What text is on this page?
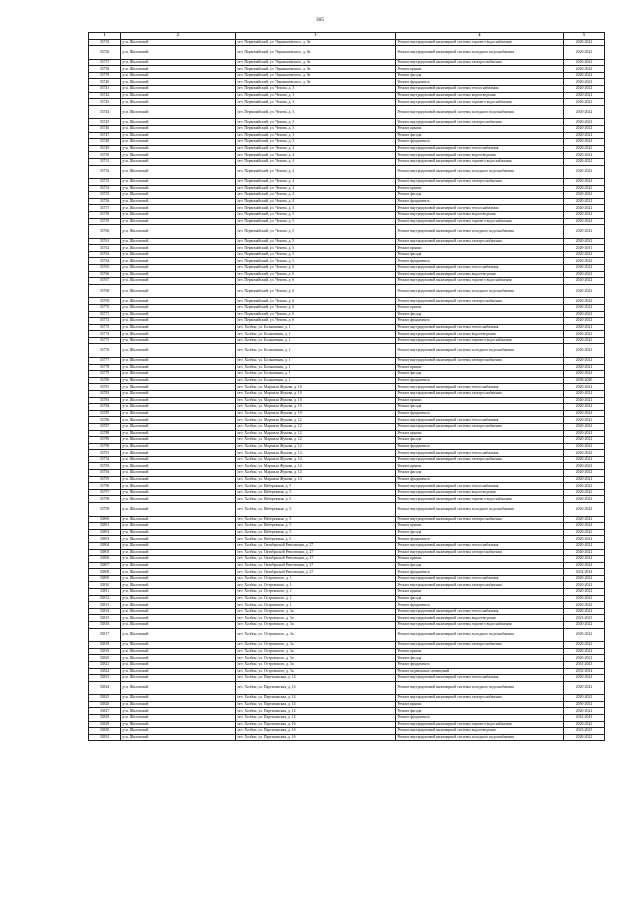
305
1	2	3	4	5
33735	р-н. Шкловский	пгт. Первомайский, ул. Чернышевского, д. 9а	Ремонт внутридомовой инженерной системы горячего водоснабжения	2020-2022
33736	р-н. Шкловский	пгт. Первомайский, ул. Чернышевского, д. 9а	Ремонт внутридомовой инженерной системы холодного водоснабжения	2020-2022
33737	р-н. Шкловский	пгт. Первомайский, ул. Чернышевского, д. 9а	Ремонт внутридомовой инженерной системы электроснабжения	2020-2022
33738	р-н. Шкловский	пгт. Первомайский, ул. Чернышевского, д. 9а	Ремонт крыши	2020-2022
33739	р-н. Шкловский	пгт. Первомайский, ул. Чернышевского, д. 9а	Ремонт фасада	2020-2022
33740	р-н. Шкловский	пгт. Первомайский, ул. Чернышевского, д. 9а	Ремонт фундамента	2020-2022
33741	р-н. Шкловский	пгт. Первомайский, ул. Чехова, д. 3	Ремонт внутридомовой инженерной системы теплоснабжения	2020-2022
33742	р-н. Шкловский	пгт. Первомайский, ул. Чехова, д. 3	Ремонт внутридомовой инженерной системы водоотведения	2020-2022
33743	р-н. Шкловский	пгт. Первомайский, ул. Чехова, д. 3	Ремонт внутридомовой инженерной системы горячего водоснабжения	2020-2022
33744	р-н. Шкловский	пгт. Первомайский, ул. Чехова, д. 3	Ремонт внутридомовой инженерной системы холодного водоснабжения	2020-2022
33745	р-н. Шкловский	пгт. Первомайский, ул. Чехова, д. 3	Ремонт внутридомовой инженерной системы электроснабжения	2020-2022
33746	р-н. Шкловский	пгт. Первомайский, ул. Чехова, д. 3	Ремонт крыши	2020-2022
33747	р-н. Шкловский	пгт. Первомайский, ул. Чехова, д. 3	Ремонт фасада	2020-2022
33748	р-н. Шкловский	пгт. Первомайский, ул. Чехова, д. 3	Ремонт фундамента	2020-2022
33749	р-н. Шкловский	пгт. Первомайский, ул. Чехова, д. 4	Ремонт внутридомовой инженерной системы теплоснабжения	2020-2022
33750	р-н. Шкловский	пгт. Первомайский, ул. Чехова, д. 4	Ремонт внутридомовой инженерной системы водоотведения	2020-2022
33751	р-н. Шкловский	пгт. Первомайский, ул. Чехова, д. 4	Ремонт внутридомовой инженерной системы горячего водоснабжения	2020-2022
33752	р-н. Шкловский	пгт. Первомайский, ул. Чехова, д. 4	Ремонт внутридомовой инженерной системы холодного водоснабжения	2020-2022
33753	р-н. Шкловский	пгт. Первомайский, ул. Чехова, д. 4	Ремонт внутридомовой инженерной системы электроснабжения	2020-2022
33754	р-н. Шкловский	пгт. Первомайский, ул. Чехова, д. 4	Ремонт крыши	2020-2022
33755	р-н. Шкловский	пгт. Первомайский, ул. Чехова, д. 4	Ремонт фасада	2020-2022
33756	р-н. Шкловский	пгт. Первомайский, ул. Чехова, д. 4	Ремонт фундамента	2020-2022
33757	р-н. Шкловский	пгт. Первомайский, ул. Чехова, д. 5	Ремонт внутридомовой инженерной системы теплоснабжения	2020-2022
33758	р-н. Шкловский	пгт. Первомайский, ул. Чехова, д. 5	Ремонт внутридомовой инженерной системы водоотведения	2020-2022
33759	р-н. Шкловский	пгт. Первомайский, ул. Чехова, д. 5	Ремонт внутридомовой инженерной системы горячего водоснабжения	2020-2022
33760	р-н. Шкловский	пгт. Первомайский, ул. Чехова, д. 5	Ремонт внутридомовой инженерной системы холодного водоснабжения	2020-2022
33761	р-н. Шкловский	пгт. Первомайский, ул. Чехова, д. 5	Ремонт внутридомовой инженерной системы электроснабжения	2020-2022
33762	р-н. Шкловский	пгт. Первомайский, ул. Чехова, д. 5	Ремонт крыши	2029-2031
33763	р-н. Шкловский	пгт. Первомайский, ул. Чехова, д. 5	Ремонт фасада	2020-2022
33764	р-н. Шкловский	пгт. Первомайский, ул. Чехова, д. 5	Ремонт фундамента	2020-2022
33765	р-н. Шкловский	пгт. Первомайский, ул. Чехова, д. 6	Ремонт внутридомовой инженерной системы теплоснабжения	2020-2022
33766	р-н. Шкловский	пгт. Первомайский, ул. Чехова, д. 6	Ремонт внутридомовой инженерной системы водоотведения	2020-2022
33767	р-н. Шкловский	пгт. Первомайский, ул. Чехова, д. 6	Ремонт внутридомовой инженерной системы горячего водоснабжения	2020-2022
33768	р-н. Шкловский	пгт. Первомайский, ул. Чехова, д. 6	Ремонт внутридомовой инженерной системы холодного водоснабжения	2020-2022
33769	р-н. Шкловский	пгт. Первомайский, ул. Чехова, д. 6	Ремонт внутридомовой инженерной системы электроснабжения	2020-2022
33770	р-н. Шкловский	пгт. Первомайский, ул. Чехова, д. 6	Ремонт крыши	2020-2022
33771	р-н. Шкловский	пгт. Первомайский, ул. Чехова, д. 6	Ремонт фасада	2020-2022
33772	р-н. Шкловский	пгт. Первомайский, ул. Чехова, д. 6	Ремонт фундамента	2020-2022
33773	р-н. Шкловский	пгт. Холбон, ул. Больничная, д. 1	Ремонт внутридомовой инженерной системы теплоснабжения	2020-2022
33774	р-н. Шкловский	пгт. Холбон, ул. Больничная, д. 1	Ремонт внутридомовой инженерной системы водоотведения	2020-2022
33775	р-н. Шкловский	пгт. Холбон, ул. Больничная, д. 1	Ремонт внутридомовой инженерной системы горячего водоснабжения	2020-2022
33776	р-н. Шкловский	пгт. Холбон, ул. Больничная, д. 1	Ремонт внутридомовой инженерной системы холодного водоснабжения	2020-2022
33777	р-н. Шкловский	пгт. Холбон, ул. Больничная, д. 1	Ремонт внутридомовой инженерной системы электроснабжения	2020-2022
33778	р-н. Шкловский	пгт. Холбон, ул. Больничная, д. 1	Ремонт крыши	2020-2022
33779	р-н. Шкловский	пгт. Холбон, ул. Больничная, д. 1	Ремонт фасада	2020-2022
33780	р-н. Шкловский	пгт. Холбон, ул. Больничная, д. 1	Ремонт фундамента	2038-2040
33781	р-н. Шкловский	пгт. Холбон, ул. Маршала Жукова, д. 10	Ремонт внутридомовой инженерной системы теплоснабжения	2020-2022
33782	р-н. Шкловский	пгт. Холбон, ул. Маршала Жукова, д. 10	Ремонт внутридомовой инженерной системы электроснабжения	2020-2022
33783	р-н. Шкловский	пгт. Холбон, ул. Маршала Жукова, д. 10	Ремонт крыши	2020-2022
33784	р-н. Шкловский	пгт. Холбон, ул. Маршала Жукова, д. 10	Ремонт фасада	2020-2022
33785	р-н. Шкловский	пгт. Холбон, ул. Маршала Жукова, д. 10	Ремонт фундамента	2020-2022
33786	р-н. Шкловский	пгт. Холбон, ул. Маршала Жукова, д. 12	Ремонт внутридомовой инженерной системы теплоснабжения	2020-2022
33787	р-н. Шкловский	пгт. Холбон, ул. Маршала Жукова, д. 12	Ремонт внутридомовой инженерной системы электроснабжения	2020-2022
33788	р-н. Шкловский	пгт. Холбон, ул. Маршала Жукова, д. 12	Ремонт крыши	2020-2022
33789	р-н. Шкловский	пгт. Холбон, ул. Маршала Жукова, д. 12	Ремонт фасада	2020-2022
33790	р-н. Шкловский	пгт. Холбон, ул. Маршала Жукова, д. 12	Ремонт фундамента	2020-2022
33791	р-н. Шкловский	пгт. Холбон, ул. Маршала Жукова, д. 14	Ремонт внутридомовой инженерной системы теплоснабжения	2020-2022
33792	р-н. Шкловский	пгт. Холбон, ул. Маршала Жукова, д. 14	Ремонт внутридомовой инженерной системы электроснабжения	2020-2022
33793	р-н. Шкловский	пгт. Холбон, ул. Маршала Жукова, д. 14	Ремонт крыши	2020-2022
33794	р-н. Шкловский	пгт. Холбон, ул. Маршала Жукова, д. 14	Ремонт фасада	2020-2022
33795	р-н. Шкловский	пгт. Холбон, ул. Маршала Жукова, д. 14	Ремонт фундамента	2020-2022
33796	р-н. Шкловский	пгт. Холбон, ул. Набережная, д. 5	Ремонт внутридомовой инженерной системы теплоснабжения	2020-2022
33797	р-н. Шкловский	пгт. Холбон, ул. Набережная, д. 5	Ремонт внутридомовой инженерной системы водоотведения	2020-2022
33798	р-н. Шкловский	пгт. Холбон, ул. Набережная, д. 5	Ремонт внутридомовой инженерной системы горячего водоснабжения	2020-2022
33799	р-н. Шкловский	пгт. Холбон, ул. Набережная, д. 5	Ремонт внутридомовой инженерной системы холодного водоснабжения	2020-2022
33800	р-н. Шкловский	пгт. Холбон, ул. Набережная, д. 5	Ремонт внутридомовой инженерной системы электроснабжения	2020-2022
33801	р-н. Шкловский	пгт. Холбон, ул. Набережная, д. 5	Ремонт крыши	2020-2022
33802	р-н. Шкловский	пгт. Холбон, ул. Набережная, д. 5	Ремонт фасада	2020-2022
33803	р-н. Шкловский	пгт. Холбон, ул. Набережная, д. 5	Ремонт фундамента	2020-2022
33804	р-н. Шкловский	пгт. Холбон, ул. Октябрьской Революции, д. 27	Ремонт внутридомовой инженерной системы теплоснабжения	2020-2022
33805	р-н. Шкловский	пгт. Холбон, ул. Октябрьской Революции, д. 27	Ремонт внутридомовой инженерной системы электроснабжения	2020-2022
33806	р-н. Шкловский	пгт. Холбон, ул. Октябрьской Революции, д. 27	Ремонт крыши	2020-2022
33807	р-н. Шкловский	пгт. Холбон, ул. Октябрьской Революции, д. 27	Ремонт фасада	2020-2022
33808	р-н. Шкловский	пгт. Холбон, ул. Октябрьской Революции, д. 27	Ремонт фундамента	2032-2034
33809	р-н. Шкловский	пгт. Холбон, ул. Островского, д. 1	Ремонт внутридомовой инженерной системы теплоснабжения	2020-2022
33810	р-н. Шкловский	пгт. Холбон, ул. Островского, д. 1	Ремонт внутридомовой инженерной системы электроснабжения	2020-2022
33811	р-н. Шкловский	пгт. Холбон, ул. Островского, д. 1	Ремонт крыши	2020-2022
33812	р-н. Шкловский	пгт. Холбон, ул. Островского, д. 1	Ремонт фасада	2020-2022
33813	р-н. Шкловский	пгт. Холбон, ул. Островского, д. 1	Ремонт фундамента	2020-2022
33814	р-н. Шкловский	пгт. Холбон, ул. Островского, д. 3а	Ремонт внутридомовой инженерной системы теплоснабжения	2020-2022
33815	р-н. Шкловский	пгт. Холбон, ул. Островского, д. 3а	Ремонт внутридомовой инженерной системы водоотведения	2023-2025
33816	р-н. Шкловский	пгт. Холбон, ул. Островского, д. 3а	Ремонт внутридомовой инженерной системы горячего водоснабжения	2020-2022
33817	р-н. Шкловский	пгт. Холбон, ул. Островского, д. 3а	Ремонт внутридомовой инженерной системы холодного водоснабжения	2020-2022
33818	р-н. Шкловский	пгт. Холбон, ул. Островского, д. 3а	Ремонт внутридомовой инженерной системы электроснабжения	2020-2022
33819	р-н. Шкловский	пгт. Холбон, ул. Островского, д. 3а	Ремонт крыши	2020-2022
33820	р-н. Шкловский	пгт. Холбон, ул. Островского, д. 3а	Ремонт фасада	2020-2022
33821	р-н. Шкловский	пгт. Холбон, ул. Островского, д. 3а	Ремонт фундамента	2041-2043
33822	р-н. Шкловский	пгт. Холбон, ул. Островского, д. 3а	Ремонт подвальных помещений	2032-2034
33823	р-н. Шкловский	пгт. Холбон, ул. Партизанская, д. 14	Ремонт внутридомовой инженерной системы теплоснабжения	2020-2022
33824	р-н. Шкловский	пгт. Холбон, ул. Партизанская, д. 14	Ремонт внутридомовой инженерной системы холодного водоснабжения	2020-2022
33825	р-н. Шкловский	пгт. Холбон, ул. Партизанская, д. 14	Ремонт внутридомовой инженерной системы электроснабжения	2020-2022
33826	р-н. Шкловский	пгт. Холбон, ул. Партизанская, д. 14	Ремонт крыши	2050-2052
33827	р-н. Шкловский	пгт. Холбон, ул. Партизанская, д. 14	Ремонт фасада	2020-2022
33828	р-н. Шкловский	пгт. Холбон, ул. Партизанская, д. 14	Ремонт фундамента	2041-2043
33829	р-н. Шкловский	пгт. Холбон, ул. Партизанская, д. 16	Ремонт внутридомовой инженерной системы горячего водоснабжения	2020-2022
33830	р-н. Шкловский	пгт. Холбон, ул. Партизанская, д. 16	Ремонт внутридомовой инженерной системы водоотведения	2023-2025
33831	р-н. Шкловский	пгт. Холбон, ул. Партизанская, д. 16	Ремонт внутридомовой инженерной системы холодного водоснабжения	2020-2022
